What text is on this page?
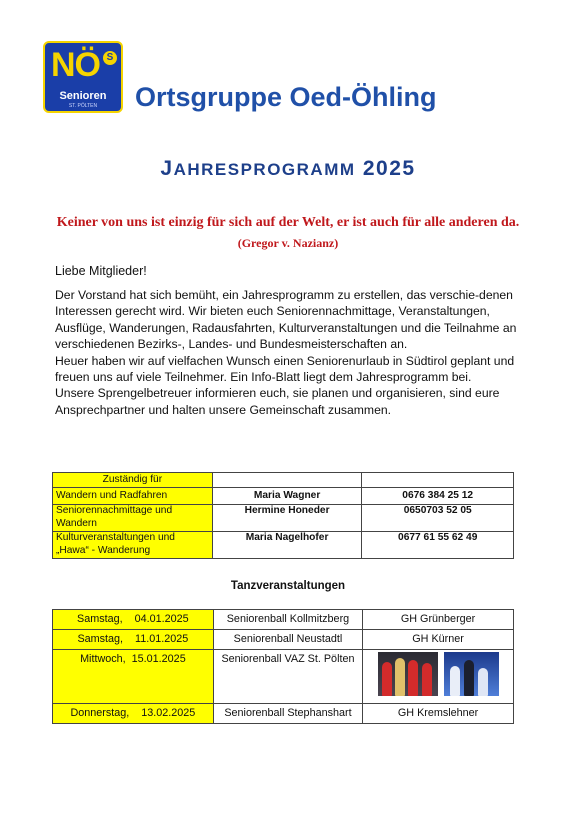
NÖ S
Senioren
ST. PÖLTEN	Ortsgruppe Oed-Öhling
JAHRESPROGRAMM 2025
Keiner von uns ist einzig für sich auf der Welt, er ist auch für alle anderen da. (Gregor v. Nazianz)
Liebe Mitglieder!

Der Vorstand hat sich bemüht, ein Jahresprogramm zu erstellen, das verschie-denen Interessen gerecht wird. Wir bieten euch Seniorennachmittage, Veranstaltungen, Ausflüge, Wanderungen, Radausfahrten, Kulturveranstaltungen und die Teilnahme an verschiedenen Bezirks-, Landes- und Bundesmeisterschaften an.

Heuer haben wir auf vielfachen Wunsch einen Seniorenurlaub in Südtirol geplant und freuen uns auf viele Teilnehmer. Ein Info-Blatt liegt dem Jahresprogramm bei.

Unsere Sprengelbetreuer informieren euch, sie planen und organisieren, sind eure Ansprechpartner und halten unsere Gemeinschaft zusammen.

Zuständig für		
Wandern und Radfahren	Maria Wagner	0676 384 25 12
Seniorennachmittage und Wandern	Hermine Honeder	0650703 52 05
Kulturveranstaltungen und „Hawa“ - Wanderung	Maria Nagelhofer	0677 61 55 62 49
Tanzveranstaltungen
Samstag,    04.01.2025	Seniorenball Kollmitzberg	GH Grünberger
Samstag,    11.01.2025	Seniorenball Neustadtl	GH Kürner
Mittwoch,  15.01.2025	Seniorenball VAZ St. Pölten	

Donnerstag,    13.02.2025	Seniorenball Stephanshart	GH Kremslehner
